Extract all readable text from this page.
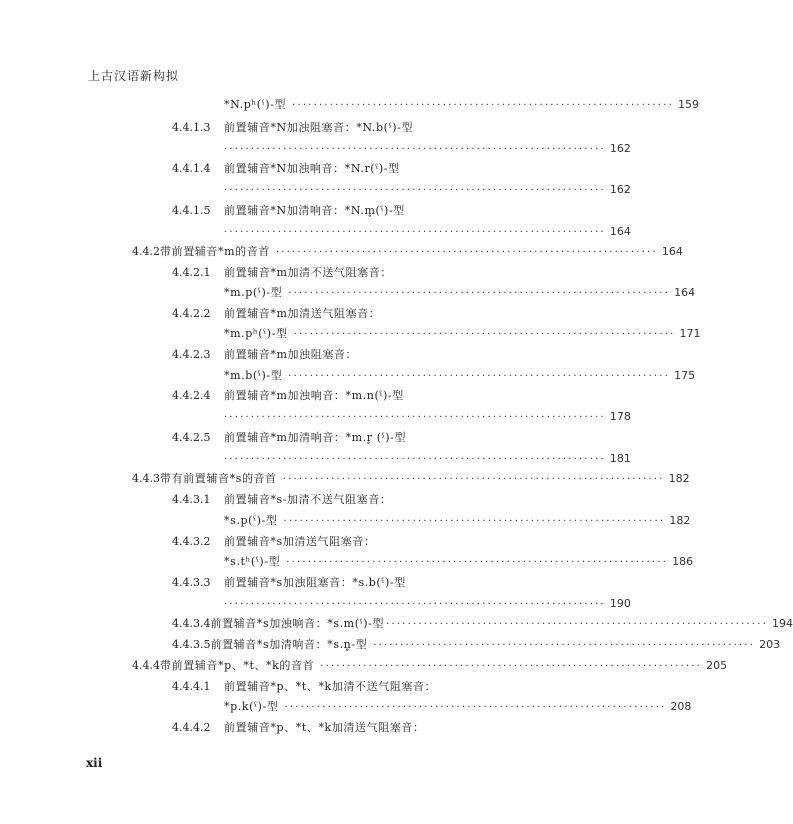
上古汉语新构拟
*N.pʰ(ˤ)-型 ······································································· 159
4.4.1.3	前置辅音*N加浊阻塞音：*N.b(ˤ)-型
······································································· 162
4.4.1.4	前置辅音*N加浊响音：*N.r(ˤ)-型
······································································· 162
4.4.1.5	前置辅音*N加清响音：*N.m̥(ˤ)-型
······································································· 164
4.4.2 带前置辅音*m的音首 ······································································· 164
4.4.2.1	前置辅音*m加清不送气阻塞音：
*m.p(ˤ)-型 ······································································· 164
4.4.2.2	前置辅音*m加清送气阻塞音：
*m.pʰ(ˤ)-型 ······································································· 171
4.4.2.3	前置辅音*m加浊阻塞音：
*m.b(ˤ)-型 ······································································· 175
4.4.2.4	前置辅音*m加浊响音：*m.n(ˤ)-型
······································································· 178
4.4.2.5	前置辅音*m加清响音：*m.r̥ (ˤ)-型
······································································· 181
4.4.3 带有前置辅音*s的音首 ······································································· 182
4.4.3.1	前置辅音*s-加清不送气阻塞音：
*s.p(ˤ)-型 ······································································· 182
4.4.3.2	前置辅音*s加清送气阻塞音：
*s.tʰ(ˤ)-型 ······································································· 186
4.4.3.3	前置辅音*s加浊阻塞音：*s.b(ˤ)-型
······································································· 190
4.4.3.4 前置辅音*s加浊响音：*s.m(ˤ)-型 ······································································· 194
4.4.3.5 前置辅音*s加清响音：*s.n̥-型 ······································································· 203
4.4.4 带前置辅音*p、*t、*k的音首 ······································································· 205
4.4.4.1	前置辅音*p、*t、*k加清不送气阻塞音：
*p.k(ˤ)-型 ······································································· 208
4.4.4.2	前置辅音*p、*t、*k加清送气阻塞音：
xii
